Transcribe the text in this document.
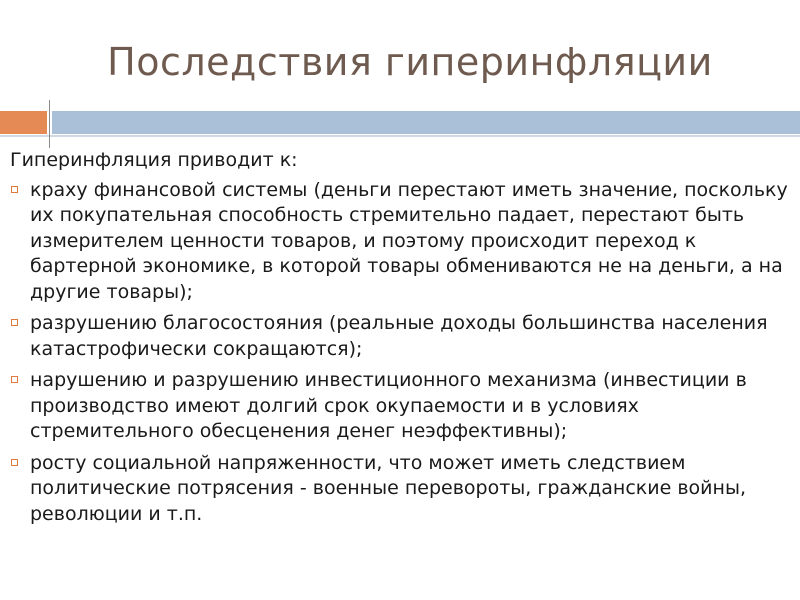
Последствия гиперинфляции

Гиперинфляция приводит к:

краху финансовой системы (деньги перестают иметь значение, поскольку их покупательная способность стремительно падает, перестают быть измерителем ценности товаров, и поэтому происходит переход к бартерной экономике, в которой товары обмениваются не на деньги, а на другие товары);
разрушению благосостояния (реальные доходы большинства населения катастрофически сокращаются);
нарушению и разрушению инвестиционного механизма (инвестиции в производство имеют долгий срок окупаемости и в условиях стремительного обесценения денег неэффективны);
росту социальной напряженности, что может иметь следствием политические потрясения - военные перевороты, гражданские войны, революции и т.п.
